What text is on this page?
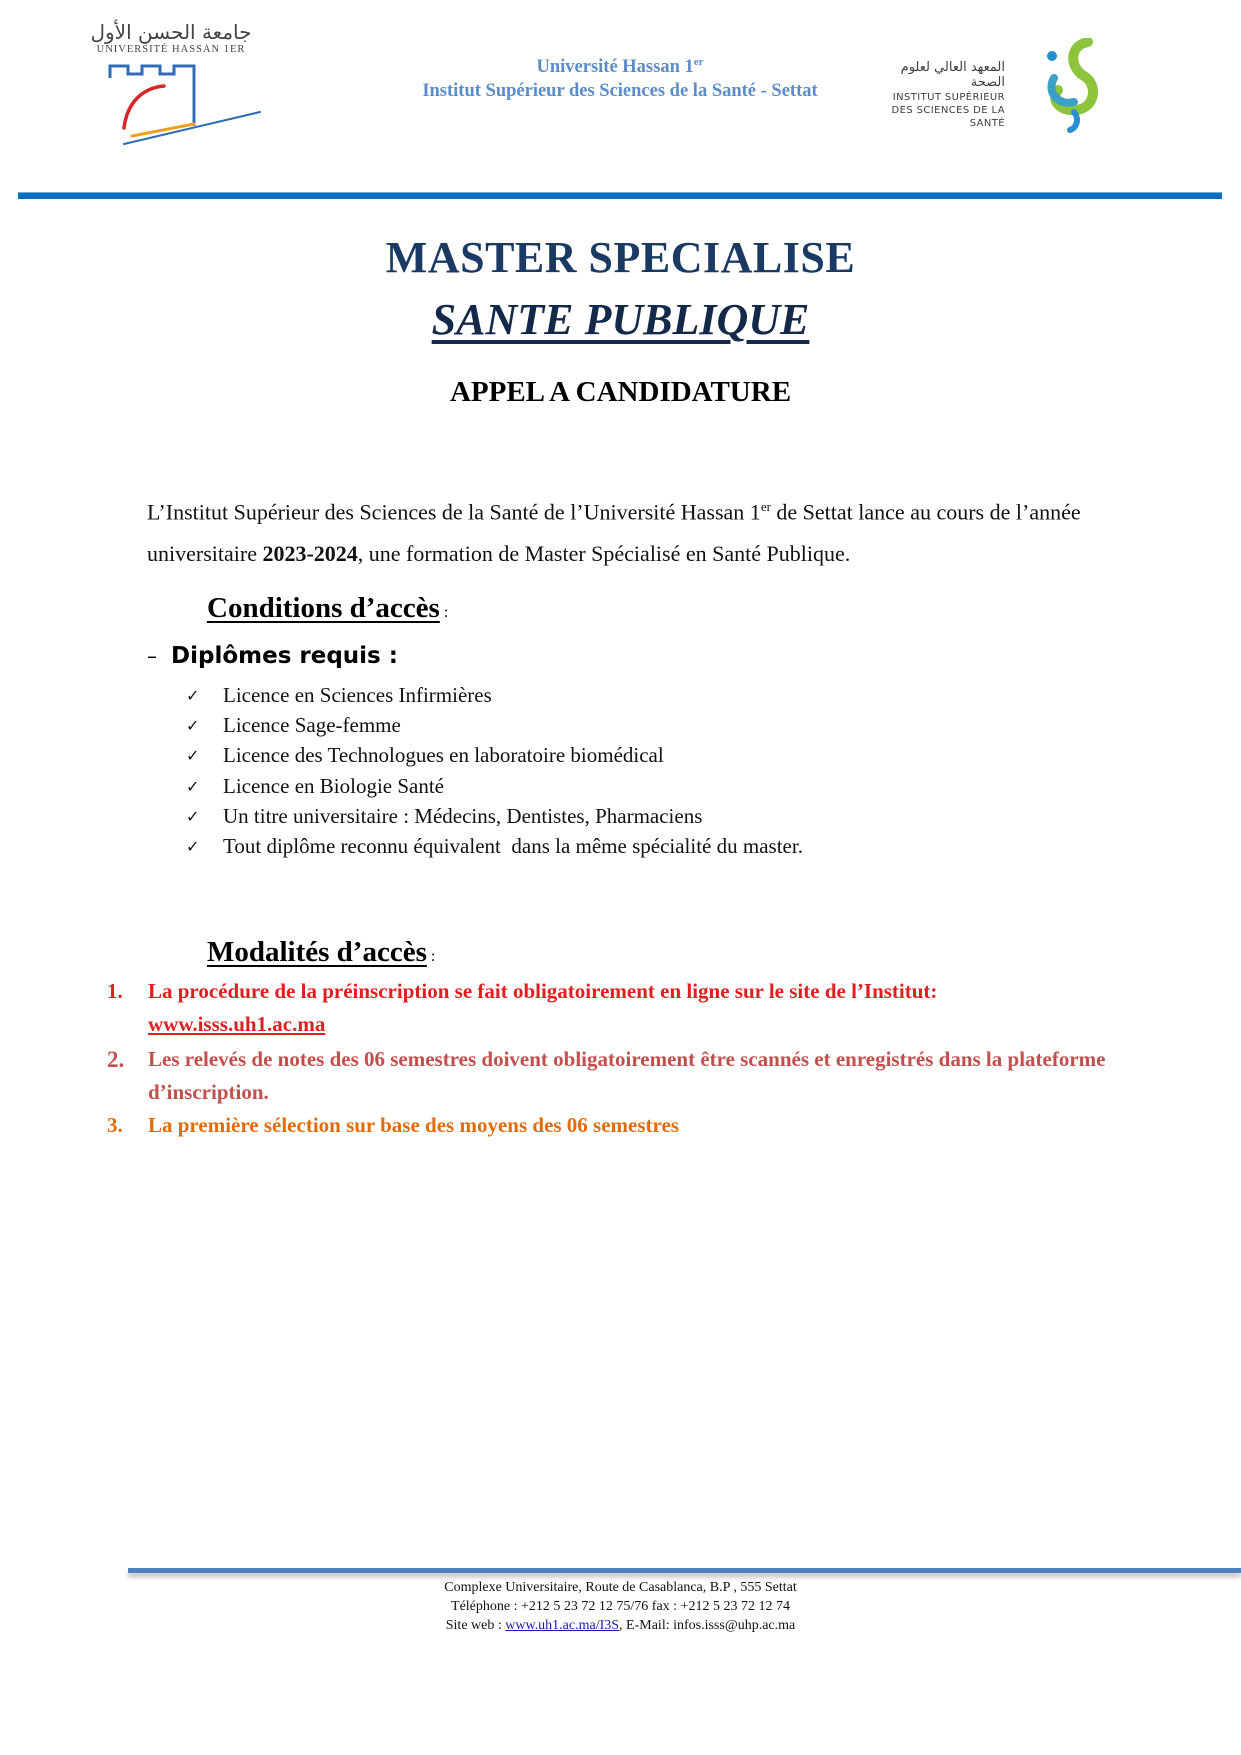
جامعة الحسن الأول
UNIVERSITÉ HASSAN 1ER
Université Hassan 1er
Institut Supérieur des Sciences de la Santé - Settat
المعهد العالي لعلوم الصحة
INSTITUT SUPÉRIEUR
DES SCIENCES DE LA SANTÉ
MASTER SPECIALISE
SANTE PUBLIQUE
APPEL A CANDIDATURE
L’Institut Supérieur des Sciences de la Santé de l’Université Hassan 1er de Settat lance au cours de l’année universitaire 2023-2024, une formation de Master Spécialisé en Santé Publique.
Conditions d’accès :
– Diplômes requis :
✓	Licence en Sciences Infirmières
✓	Licence Sage-femme
✓	Licence des Technologues en laboratoire biomédical
✓	Licence en Biologie Santé
✓	Un titre universitaire : Médecins, Dentistes, Pharmaciens
✓	Tout diplôme reconnu équivalent  dans la même spécialité du master.
Modalités d’accès :
1.	La procédure de la préinscription se fait obligatoirement en ligne sur le site de l’Institut:
www.isss.uh1.ac.ma
2.	Les relevés de notes des 06 semestres doivent obligatoirement être scannés et enregistrés dans la plateforme d’inscription.
3.	La première sélection sur base des moyens des 06 semestres
Complexe Universitaire, Route de Casablanca, B.P , 555 Settat
Téléphone : +212 5 23 72 12 75/76 fax : +212 5 23 72 12 74
Site web : www.uh1.ac.ma/I3S, E-Mail: infos.isss@uhp.ac.ma
